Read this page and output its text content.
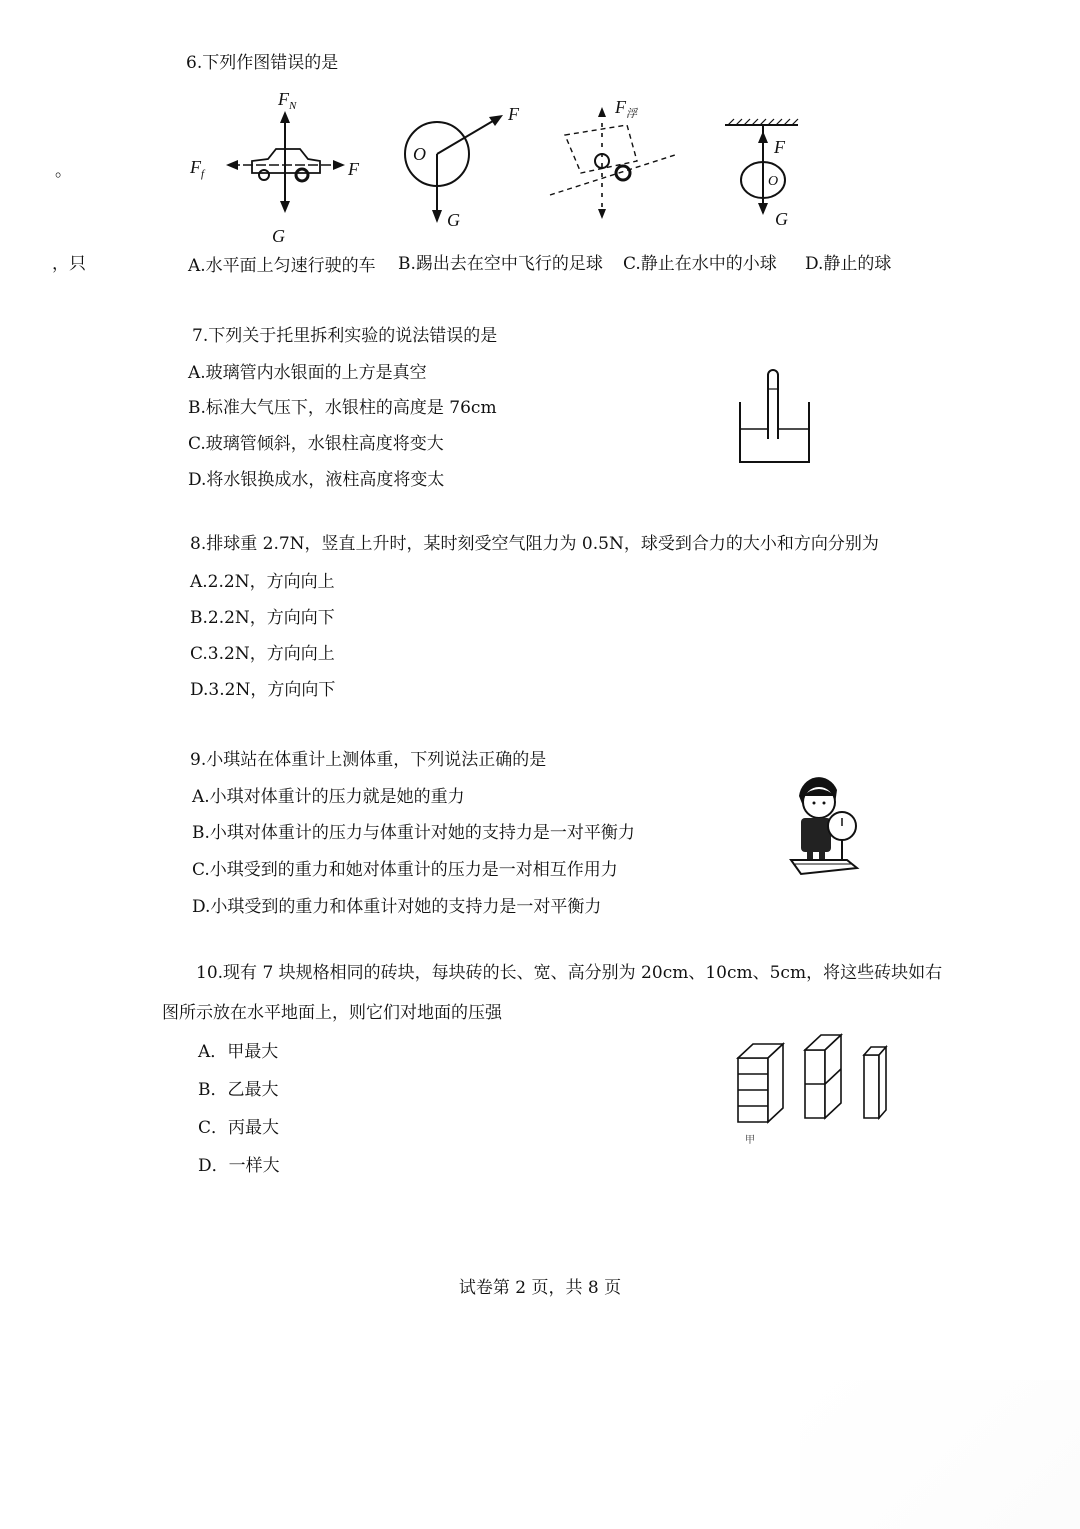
。
，只
6.下列作图错误的是
$F_N$
$F_f$	F
G
O
F
G
$F_浮$
O
F
G
A.水平面上匀速行驶的车 B.踢出去在空中飞行的足球 C.静止在水中的小球 D.静止的球
7.下列关于托里拆利实验的说法错误的是
A.玻璃管内水银面的上方是真空
B.标准大气压下，水银柱的高度是 76cm
C.玻璃管倾斜，水银柱高度将变大
D.将水银换成水，液柱高度将变太
8.排球重 2.7N，竖直上升时，某时刻受空气阻力为 0.5N，球受到合力的大小和方向分别为
A.2.2N，方向向上
B.2.2N，方向向下
C.3.2N，方向向上
D.3.2N，方向向下
9.小琪站在体重计上测体重，下列说法正确的是
A.小琪对体重计的压力就是她的重力
B.小琪对体重计的压力与体重计对她的支持力是一对平衡力
C.小琪受到的重力和她对体重计的压力是一对相互作用力
D.小琪受到的重力和体重计对她的支持力是一对平衡力
10.现有 7 块规格相同的砖块，每块砖的长、宽、高分别为 20cm、10cm、5cm，将这些砖块如右
图所示放在水平地面上，则它们对地面的压强
A．甲最大
B．乙最大
C．丙最大
D．一样大
甲
试卷第 2 页，共 8 页
